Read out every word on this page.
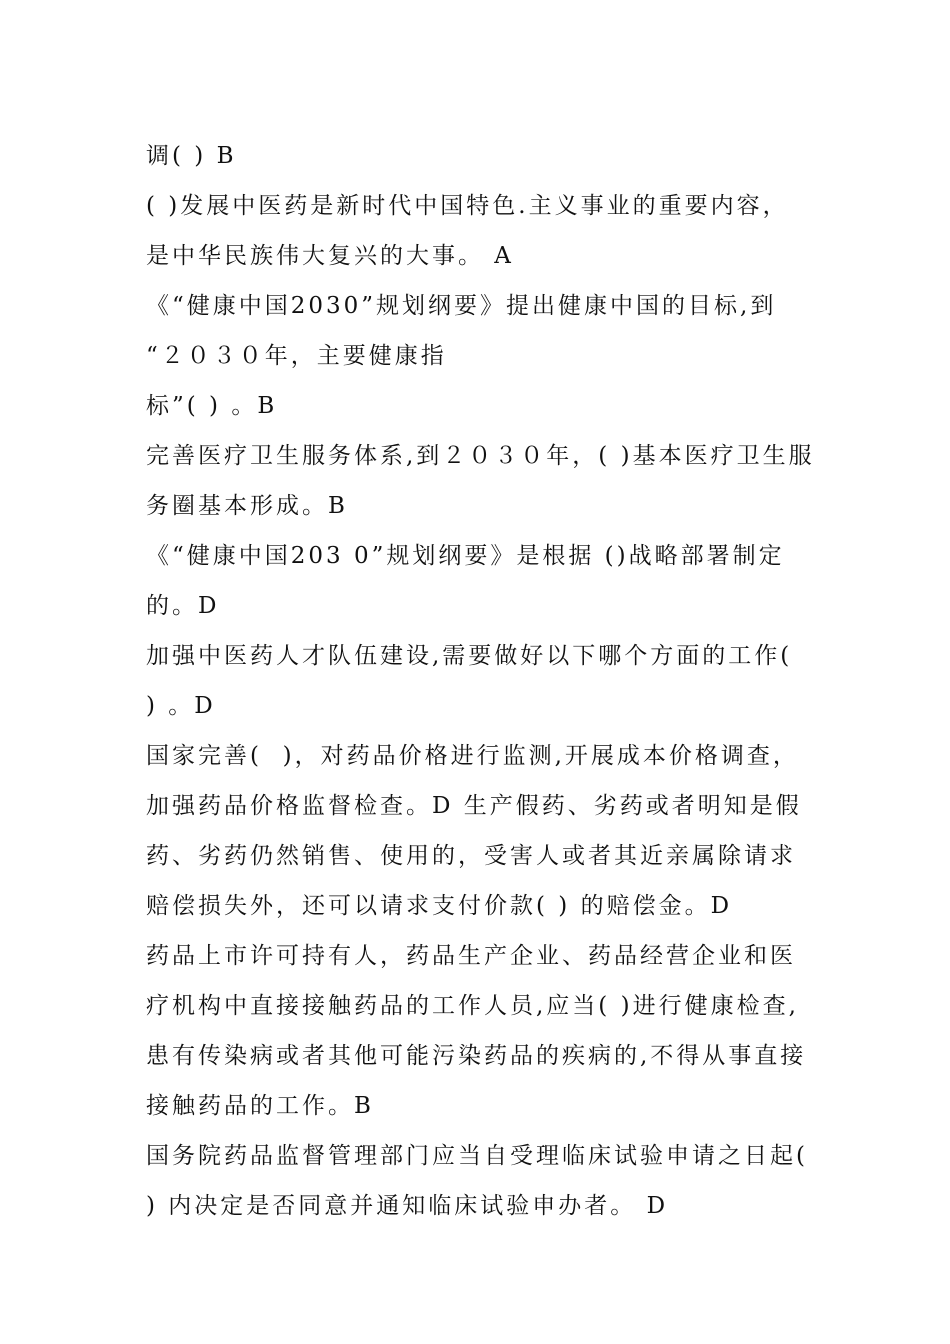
调( ) B
( )发展中医药是新时代中国特色.主义事业的重要内容，
是中华民族伟大复兴的大事。 A
《“健康中国2030”规划纲要》提出健康中国的目标,到
“２０３０年，主要健康指
标”( ) 。B
完善医疗卫生服务体系,到２０３０年，( )基本医疗卫生服
务圈基本形成。B
《“健康中国203 0”规划纲要》是根据 ()战略部署制定
的。D
加强中医药人才队伍建设,需要做好以下哪个方面的工作(
) 。D
国家完善(  )，对药品价格进行监测,开展成本价格调查，
加强药品价格监督检查。D 生产假药、劣药或者明知是假
药、劣药仍然销售、使用的，受害人或者其近亲属除请求
赔偿损失外，还可以请求支付价款( ) 的赔偿金。D
药品上市许可持有人，药品生产企业、药品经营企业和医
疗机构中直接接触药品的工作人员,应当( )进行健康检查,
患有传染病或者其他可能污染药品的疾病的,不得从事直接
接触药品的工作。B
国务院药品监督管理部门应当自受理临床试验申请之日起(
) 内决定是否同意并通知临床试验申办者。 D
